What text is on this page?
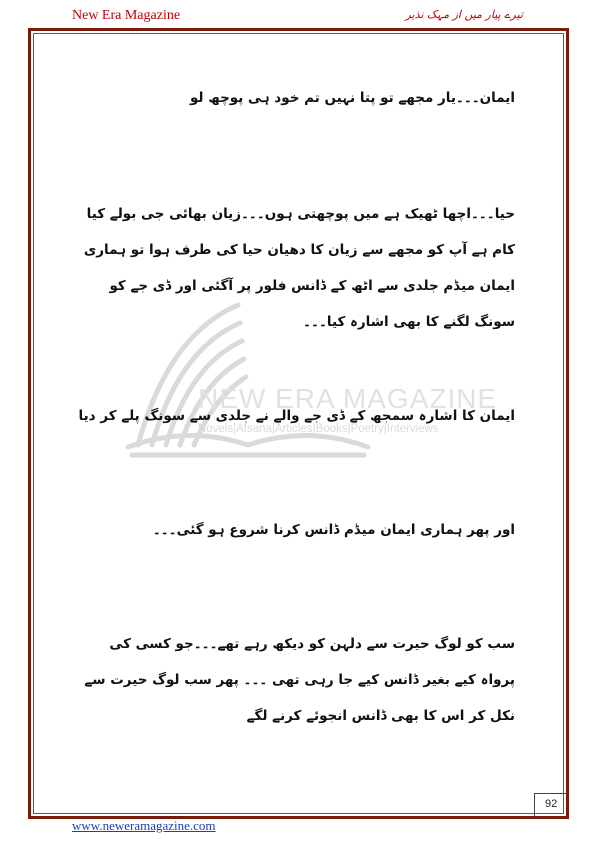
New Era Magazine	تیرے پیار میں از مہک نذیر
NEW ERA MAGAZINE
Novels|Afsana|Articles|Books|Poetry|Interviews
ایمان۔۔۔یار مجھے تو پتا نہیں تم خود ہی پوچھ لو
حیا۔۔۔اچھا ٹھیک ہے میں پوچھتی ہوں۔۔۔زیان بھائی جی بولے کیا کام ہے آپ کو مجھے سے زیان کا دھیان حیا کی طرف ہوا تو ہماری ایمان میڈم جلدی سے اٹھ کے ڈانس فلور پر آگئی اور ڈی جے کو سونگ لگنے کا بھی اشارہ کیا۔۔۔
ایمان کا اشارہ سمجھ کے ڈی جے والے نے جلدی سے سونگ پلے کر دیا
اور پھر ہماری ایمان میڈم ڈانس کرنا شروع ہو گئی۔۔۔
سب کو لوگ حیرت سے دلہن کو دیکھ رہے تھے۔۔۔جو کسی کی پرواہ کیے بغیر ڈانس کیے جا رہی تھی ۔۔۔ پھر سب لوگ حیرت سے نکل کر اس کا بھی ڈانس انجوئے کرنے لگے
92
www.neweramagazine.com
